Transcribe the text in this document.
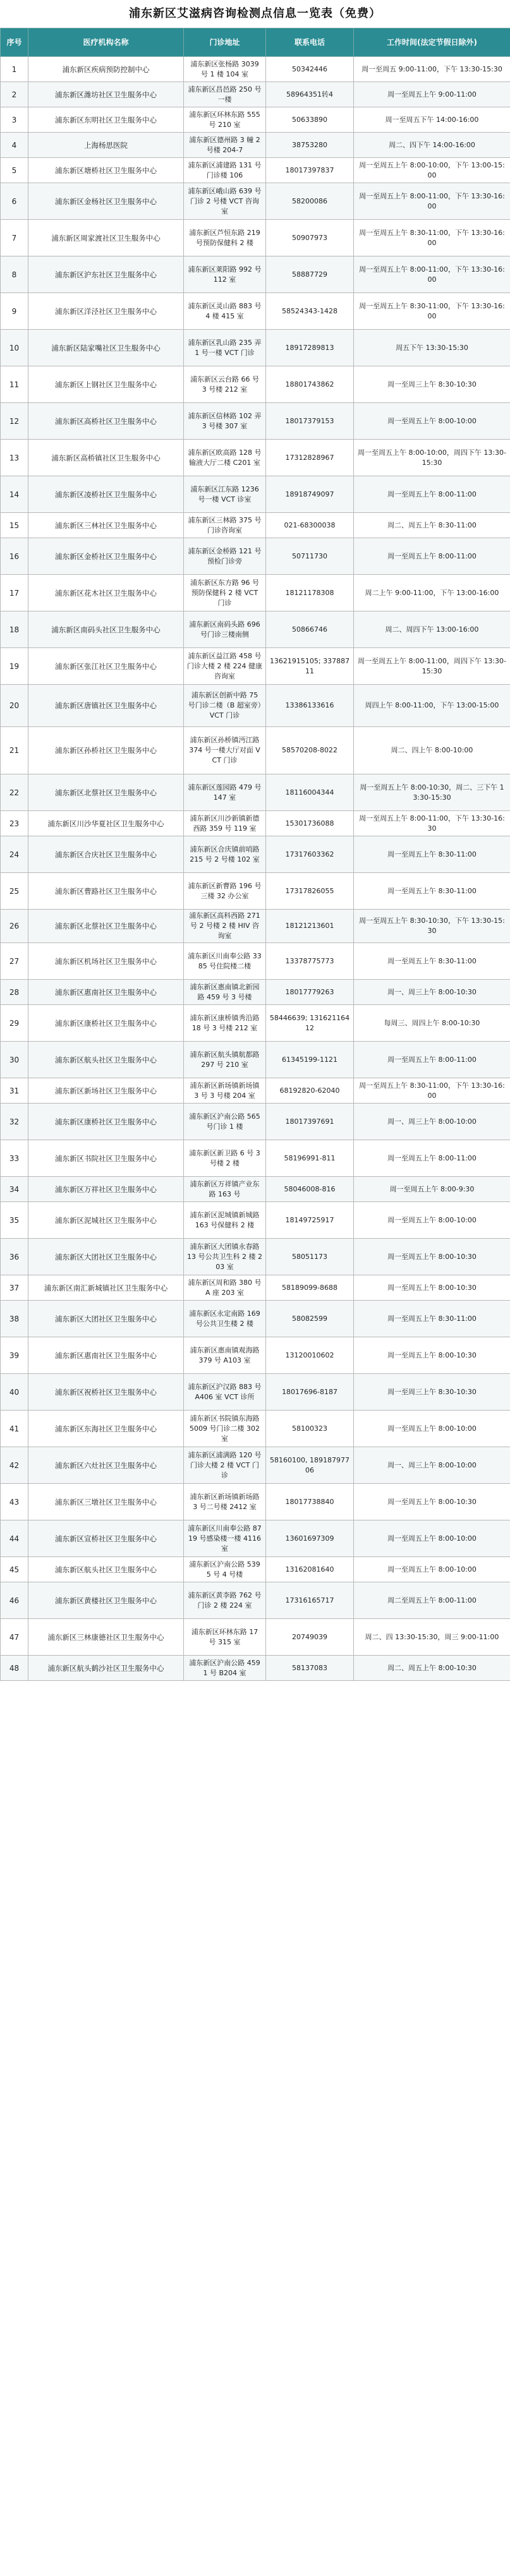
浦东新区艾滋病咨询检测点信息一览表（免费）
序号	医疗机构名称	门诊地址	联系电话	工作时间(法定节假日除外)
1	浦东新区疾病预防控制中心	浦东新区张杨路 3039 号 1 楼 104 室	50342446	周一至周五 9:00-11:00，下午 13:30-15:30
2	浦东新区潍坊社区卫生服务中心	浦东新区昌邑路 250 号一楼	58964351转4	周一至周五上午 9:00-11:00
3	浦东新区东明社区卫生服务中心	浦东新区环林东路 555 号 210 室	50633890	周一至周五下午 14:00-16:00
4	上海杨思医院	浦东新区德州路 3 幢 2 号楼 204-7	38753280	周二、四下午 14:00-16:00
5	浦东新区塘桥社区卫生服务中心	浦东新区浦建路 131 号门诊楼 106	18017397837	周一至周五上午 8:00-10:00，下午 13:00-15:00
6	浦东新区金杨社区卫生服务中心	浦东新区峨山路 639 号门诊 2 号楼 VCT 咨询室	58200086	周一至周五上午 8:00-11:00，下午 13:30-16:00
7	浦东新区周家渡社区卫生服务中心	浦东新区芦恒东路 219 号预防保健科 2 楼	50907973	周一至周五上午 8:30-11:00，下午 13:30-16:00
8	浦东新区沪东社区卫生服务中心	浦东新区莱阳路 992 号 112 室	58887729	周一至周五上午 8:00-11:00，下午 13:30-16:00
9	浦东新区洋泾社区卫生服务中心	浦东新区灵山路 883 号 4 楼 415 室	58524343-1428	周一至周五上午 8:30-11:00，下午 13:30-16:00
10	浦东新区陆家嘴社区卫生服务中心	浦东新区乳山路 235 弄 1 号一楼 VCT 门诊	18917289813	周五下午 13:30-15:30
11	浦东新区上钢社区卫生服务中心	浦东新区云台路 66 号 3 号楼 212 室	18801743862	周一至周三上午 8:30-10:30
12	浦东新区高桥社区卫生服务中心	浦东新区信林路 102 弄 3 号楼 307 室	18017379153	周一至周五上午 8:00-10:00
13	浦东新区高桥镇社区卫生服务中心	浦东新区欧高路 128 号输液大厅二楼 C201 室	17312828967	周一至周五上午 8:00-10:00，周四下午 13:30-15:30
14	浦东新区凌桥社区卫生服务中心	浦东新区江东路 1236 号一楼 VCT 诊室	18918749097	周一至周五上午 8:00-11:00
15	浦东新区三林社区卫生服务中心	浦东新区三林路 375 号门诊咨询室	021-68300038	周二、周五上午 8:30-11:00
16	浦东新区金桥社区卫生服务中心	浦东新区金桥路 121 号预检门诊旁	50711730	周一至周五上午 8:00-11:00
17	浦东新区花木社区卫生服务中心	浦东新区东方路 96 号预防保健科 2 楼 VCT 门诊	18121178308	周二上午 9:00-11:00，下午 13:00-16:00
18	浦东新区南码头社区卫生服务中心	浦东新区南码头路 696 号门诊三楼南侧	50866746	周二、周四下午 13:00-16:00
19	浦东新区张江社区卫生服务中心	浦东新区益江路 458 号门诊大楼 2 楼 224 健康咨询室	13621915105; 33788711	周一至周五上午 8:00-11:00，周四下午 13:30-15:30
20	浦东新区唐镇社区卫生服务中心	浦东新区创新中路 75 号门诊二楼（B 超室旁）VCT 门诊	13386133616	周四上午 8:00-11:00，下午 13:00-15:00
21	浦东新区孙桥社区卫生服务中心	浦东新区孙桥镇沔江路 374 号一楼大厅对面 VCT 门诊	58570208-8022	周二、四上午 8:00-10:00
22	浦东新区北蔡社区卫生服务中心	浦东新区莲园路 479 号 147 室	18116004344	周一至周五上午 8:00-10:30，周二、三下午 13:30-15:30
23	浦东新区川沙华夏社区卫生服务中心	浦东新区川沙新镇新德西路 359 号 119 室	15301736088	周一至周五上午 8:00-11:00，下午 13:30-16:30
24	浦东新区合庆社区卫生服务中心	浦东新区合庆镇前哨路 215 号 2 号楼 102 室	17317603362	周一至周五上午 8:30-11:00
25	浦东新区曹路社区卫生服务中心	浦东新区新曹路 196 号三楼 32 办公室	17317826055	周一至周五上午 8:30-11:00
26	浦东新区北蔡社区卫生服务中心	浦东新区高科西路 271 号 2 号楼 2 楼 HIV 咨询室	18121213601	周一至周五上午 8:30-10:30，下午 13:30-15:30
27	浦东新区机场社区卫生服务中心	浦东新区川南奉公路 3385 号住院楼二楼	13378775773	周一至周五上午 8:30-11:00
28	浦东新区惠南社区卫生服务中心	浦东新区惠南镇北新园路 459 号 3 号楼	18017779263	周一、周三上午 8:00-10:30
29	浦东新区康桥社区卫生服务中心	浦东新区康桥镇秀沿路 18 号 3 号楼 212 室	58446639; 13162116412	每周三、周四上午 8:00-10:30
30	浦东新区航头社区卫生服务中心	浦东新区航头镇航都路 297 号 210 室	61345199-1121	周一至周五上午 8:00-11:00
31	浦东新区新场社区卫生服务中心	浦东新区新场镇新场镇 3 号 3 号楼 204 室	68192820-62040	周一至周五上午 8:30-11:00，下午 13:30-16:00
32	浦东新区康桥社区卫生服务中心	浦东新区沪南公路 565 号门诊 1 楼	18017397691	周一、周三上午 8:00-10:00
33	浦东新区书院社区卫生服务中心	浦东新区新卫路 6 号 3 号楼 2 楼	58196991-811	周一至周五上午 8:00-11:00
34	浦东新区万祥社区卫生服务中心	浦东新区万祥镇产业东路 163 号	58046008-816	周一至周五上午 8:00-9:30
35	浦东新区泥城社区卫生服务中心	浦东新区泥城镇新城路 163 号保健科 2 楼	18149725917	周一至周五上午 8:00-10:00
36	浦东新区大团社区卫生服务中心	浦东新区大团镇永春路 13 号公共卫生科 2 楼 203 室	58051173	周一至周五上午 8:00-10:30
37	浦东新区南汇新城镇社区卫生服务中心	浦东新区周和路 380 号 A 座 203 室	58189099-8688	周一至周五上午 8:00-10:30
38	浦东新区大团社区卫生服务中心	浦东新区永定南路 169 号公共卫生楼 2 楼	58082599	周一至周五上午 8:30-11:00
39	浦东新区惠南社区卫生服务中心	浦东新区惠南镇观海路 379 号 A103 室	13120010602	周一至周五上午 8:00-10:30
40	浦东新区祝桥社区卫生服务中心	浦东新区沪汉路 883 号 A406 室 VCT 诊所	18017696-8187	周一至周三上午 8:30-10:30
41	浦东新区东海社区卫生服务中心	浦东新区书院镇东海路 5009 号门诊二楼 302 室	58100323	周一至周五上午 8:00-10:00
42	浦东新区六灶社区卫生服务中心	浦东新区浦满路 120 号门诊大楼 2 楼 VCT 门诊	58160100, 18918797706	周一、周三上午 8:00-10:00
43	浦东新区三墩社区卫生服务中心	浦东新区新场镇新场路 3 号二号楼 2412 室	18017738840	周一至周五上午 8:00-10:30
44	浦东新区宣桥社区卫生服务中心	浦东新区川南奉公路 8719 号感染楼一楼 4116 室	13601697309	周一至周五上午 8:00-10:00
45	浦东新区航头社区卫生服务中心	浦东新区沪南公路 5395 号 4 号楼	13162081640	周一至周五上午 8:00-10:00
46	浦东新区黄楼社区卫生服务中心	浦东新区黄李路 762 号门诊 2 楼 224 室	17316165717	周二至周五上午 8:00-11:00
47	浦东新区三林康德社区卫生服务中心	浦东新区环林东路 17 号 315 室	20749039	周二、四 13:30-15:30，周三 9:00-11:00
48	浦东新区航头鹤沙社区卫生服务中心	浦东新区沪南公路 4591 号 B204 室	58137083	周二、周五上午 8:00-10:30
